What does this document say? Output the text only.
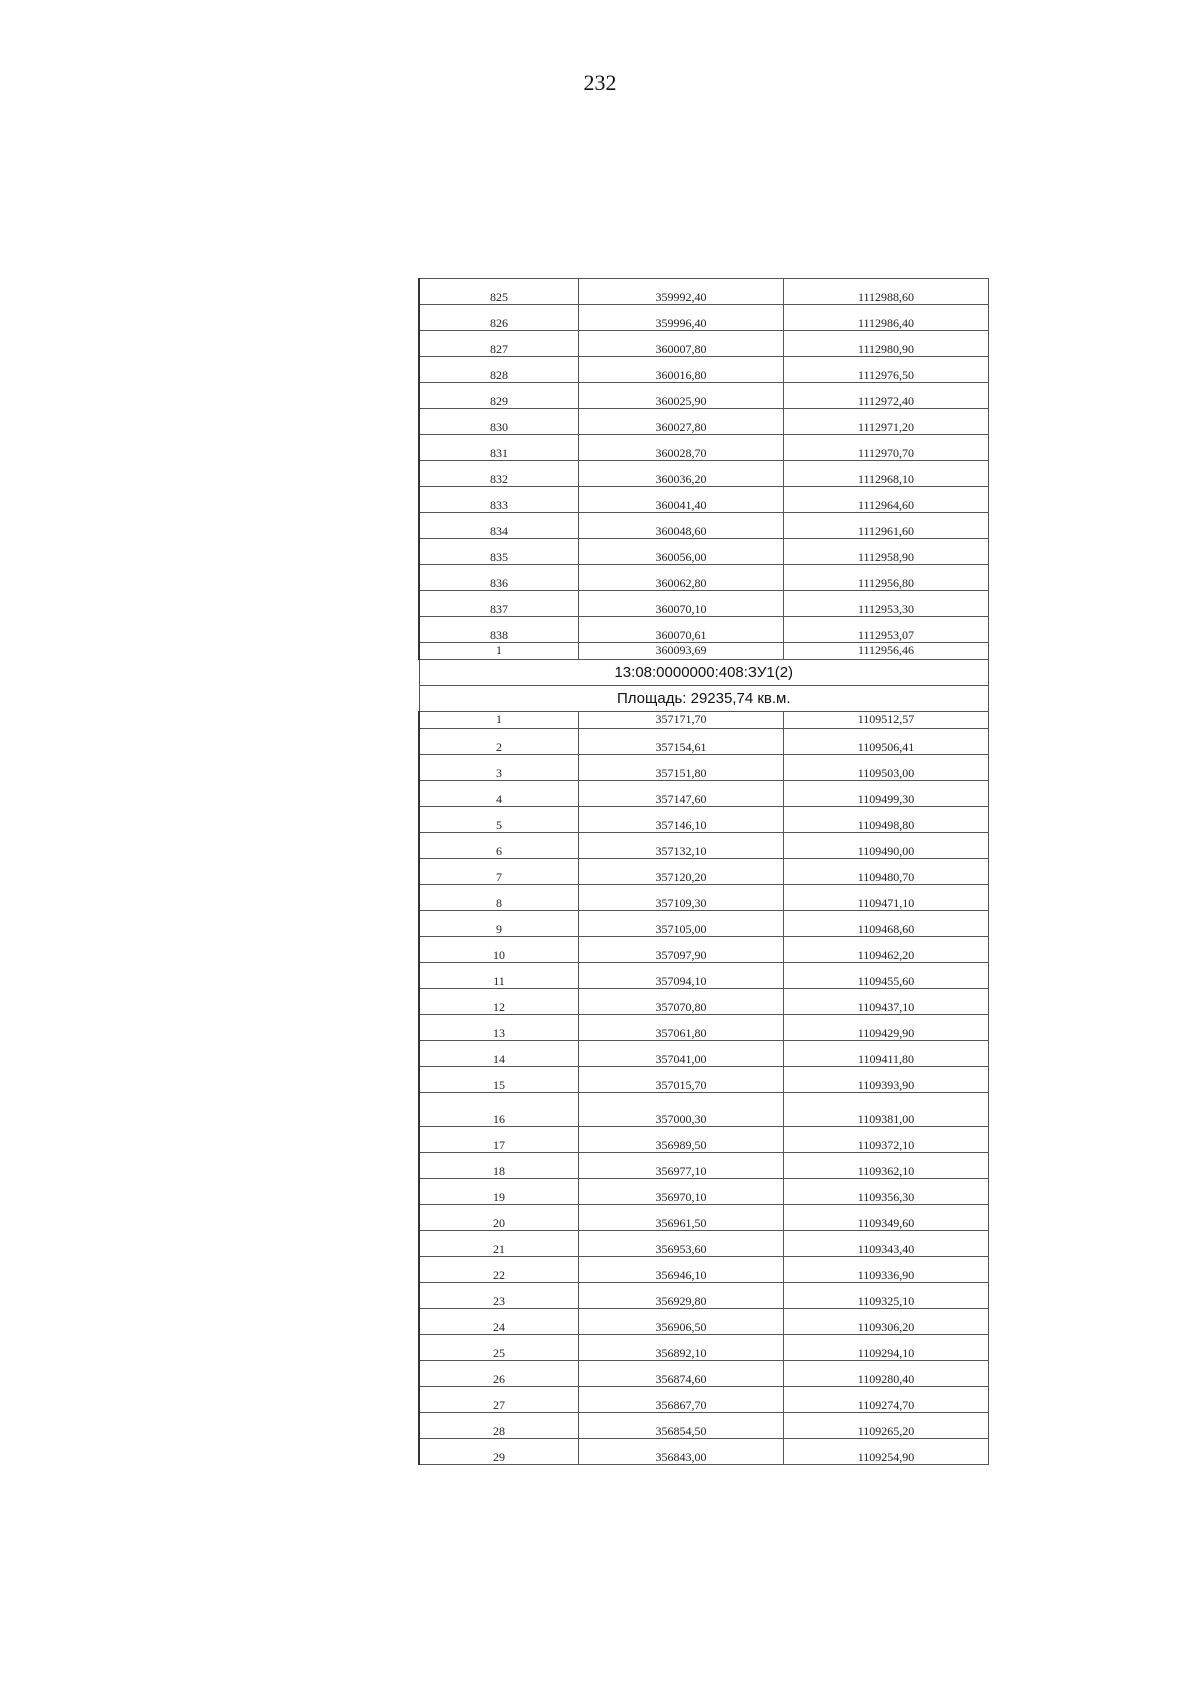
232
825	359992,40	1112988,60
826	359996,40	1112986,40
827	360007,80	1112980,90
828	360016,80	1112976,50
829	360025,90	1112972,40
830	360027,80	1112971,20
831	360028,70	1112970,70
832	360036,20	1112968,10
833	360041,40	1112964,60
834	360048,60	1112961,60
835	360056,00	1112958,90
836	360062,80	1112956,80
837	360070,10	1112953,30
838	360070,61	1112953,07
1	360093,69	1112956,46
13:08:0000000:408:ЗУ1(2)		
Площадь: 29235,74 кв.м.		
1	357171,70	1109512,57
2	357154,61	1109506,41
3	357151,80	1109503,00
4	357147,60	1109499,30
5	357146,10	1109498,80
6	357132,10	1109490,00
7	357120,20	1109480,70
8	357109,30	1109471,10
9	357105,00	1109468,60
10	357097,90	1109462,20
11	357094,10	1109455,60
12	357070,80	1109437,10
13	357061,80	1109429,90
14	357041,00	1109411,80
15	357015,70	1109393,90
16	357000,30	1109381,00
17	356989,50	1109372,10
18	356977,10	1109362,10
19	356970,10	1109356,30
20	356961,50	1109349,60
21	356953,60	1109343,40
22	356946,10	1109336,90
23	356929,80	1109325,10
24	356906,50	1109306,20
25	356892,10	1109294,10
26	356874,60	1109280,40
27	356867,70	1109274,70
28	356854,50	1109265,20
29	356843,00	1109254,90
